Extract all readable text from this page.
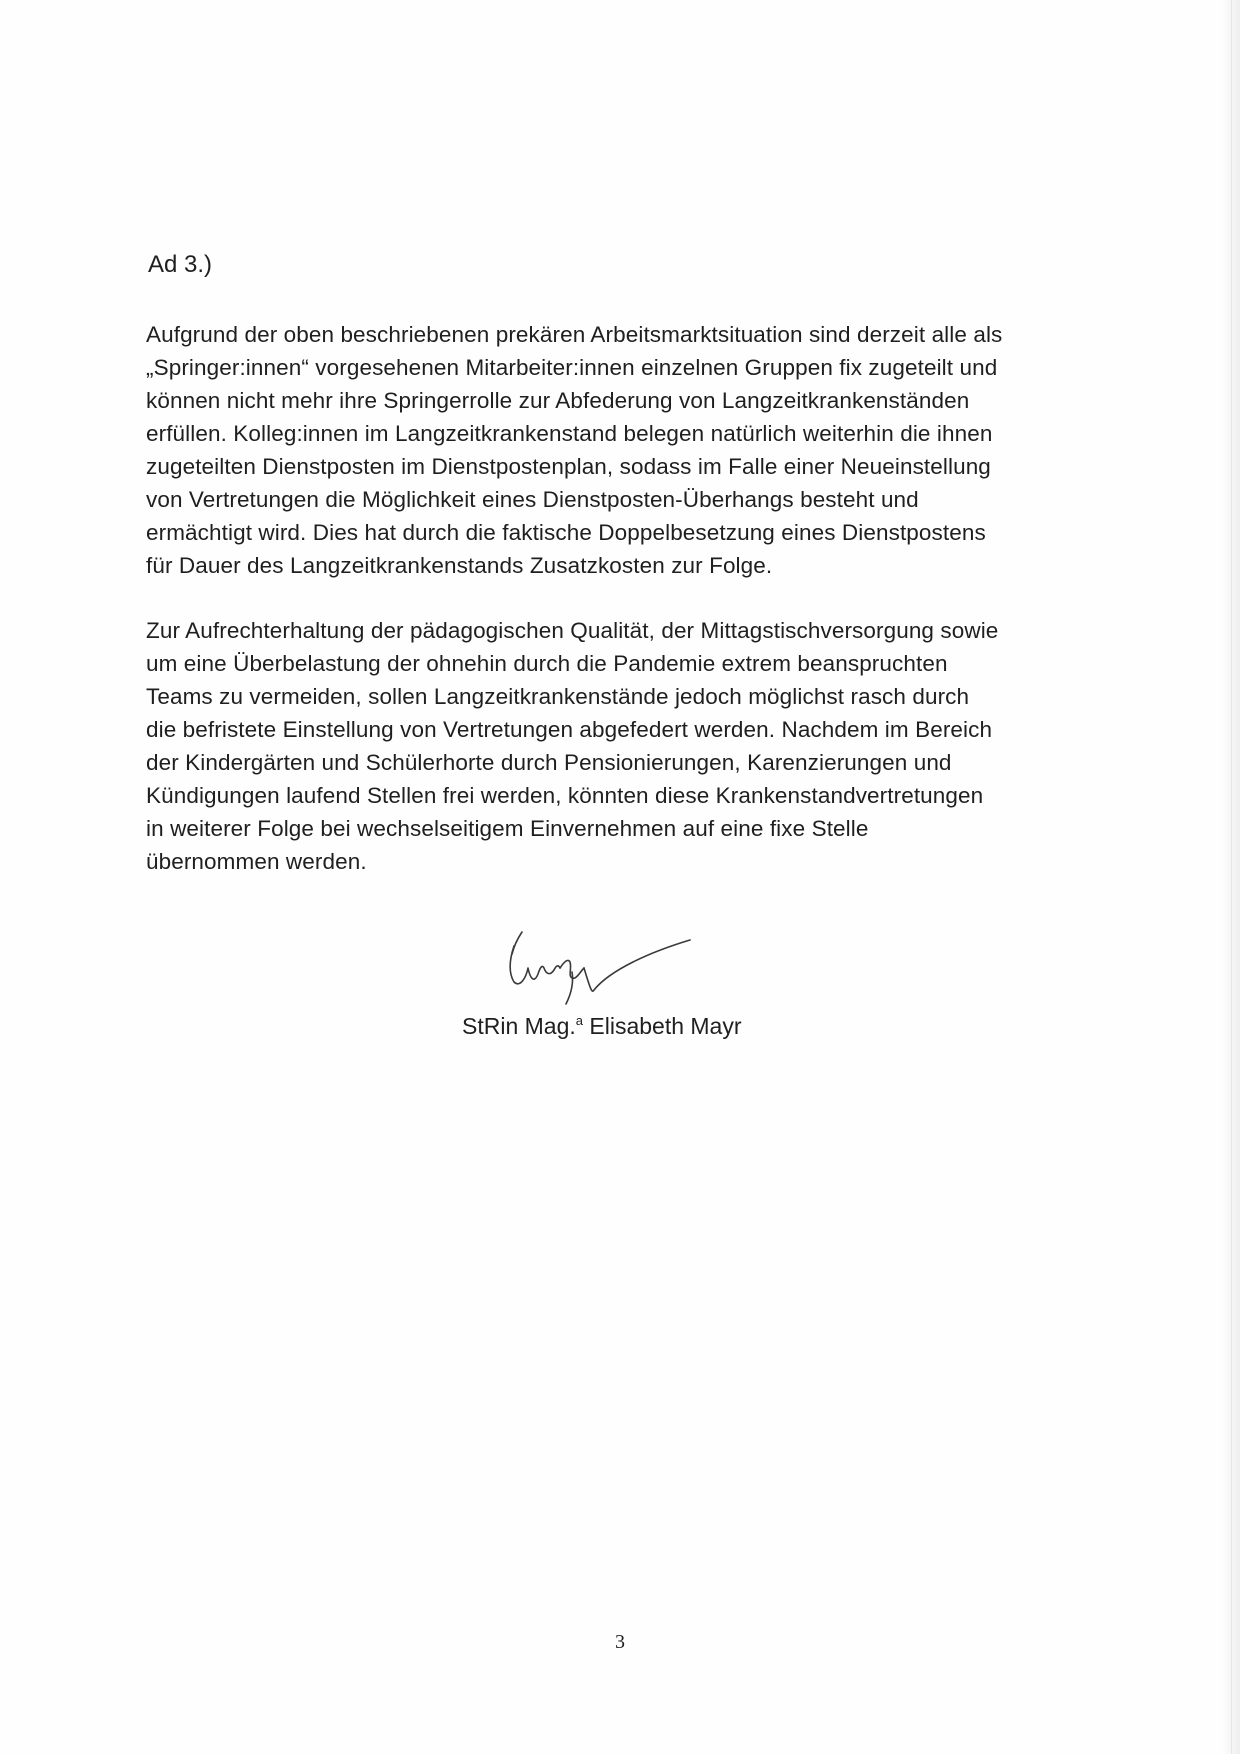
Ad 3.)

Aufgrund der oben beschriebenen prekären Arbeitsmarktsituation sind derzeit alle als
„Springer:innen“ vorgesehenen Mitarbeiter:innen einzelnen Gruppen fix zugeteilt und
können nicht mehr ihre Springerrolle zur Abfederung von Langzeitkrankenständen
erfüllen. Kolleg:innen im Langzeitkrankenstand belegen natürlich weiterhin die ihnen
zugeteilten Dienstposten im Dienstpostenplan, sodass im Falle einer Neueinstellung
von Vertretungen die Möglichkeit eines Dienstposten-Überhangs besteht und
ermächtigt wird. Dies hat durch die faktische Doppelbesetzung eines Dienstpostens
für Dauer des Langzeitkrankenstands Zusatzkosten zur Folge.

Zur Aufrechterhaltung der pädagogischen Qualität, der Mittagstischversorgung sowie
um eine Überbelastung der ohnehin durch die Pandemie extrem beanspruchten
Teams zu vermeiden, sollen Langzeitkrankenstände jedoch möglichst rasch durch
die befristete Einstellung von Vertretungen abgefedert werden. Nachdem im Bereich
der Kindergärten und Schülerhorte durch Pensionierungen, Karenzierungen und
Kündigungen laufend Stellen frei werden, könnten diese Krankenstandvertretungen
in weiterer Folge bei wechselseitigem Einvernehmen auf eine fixe Stelle
übernommen werden.

StRin Mag.$^a$ Elisabeth Mayr
3
